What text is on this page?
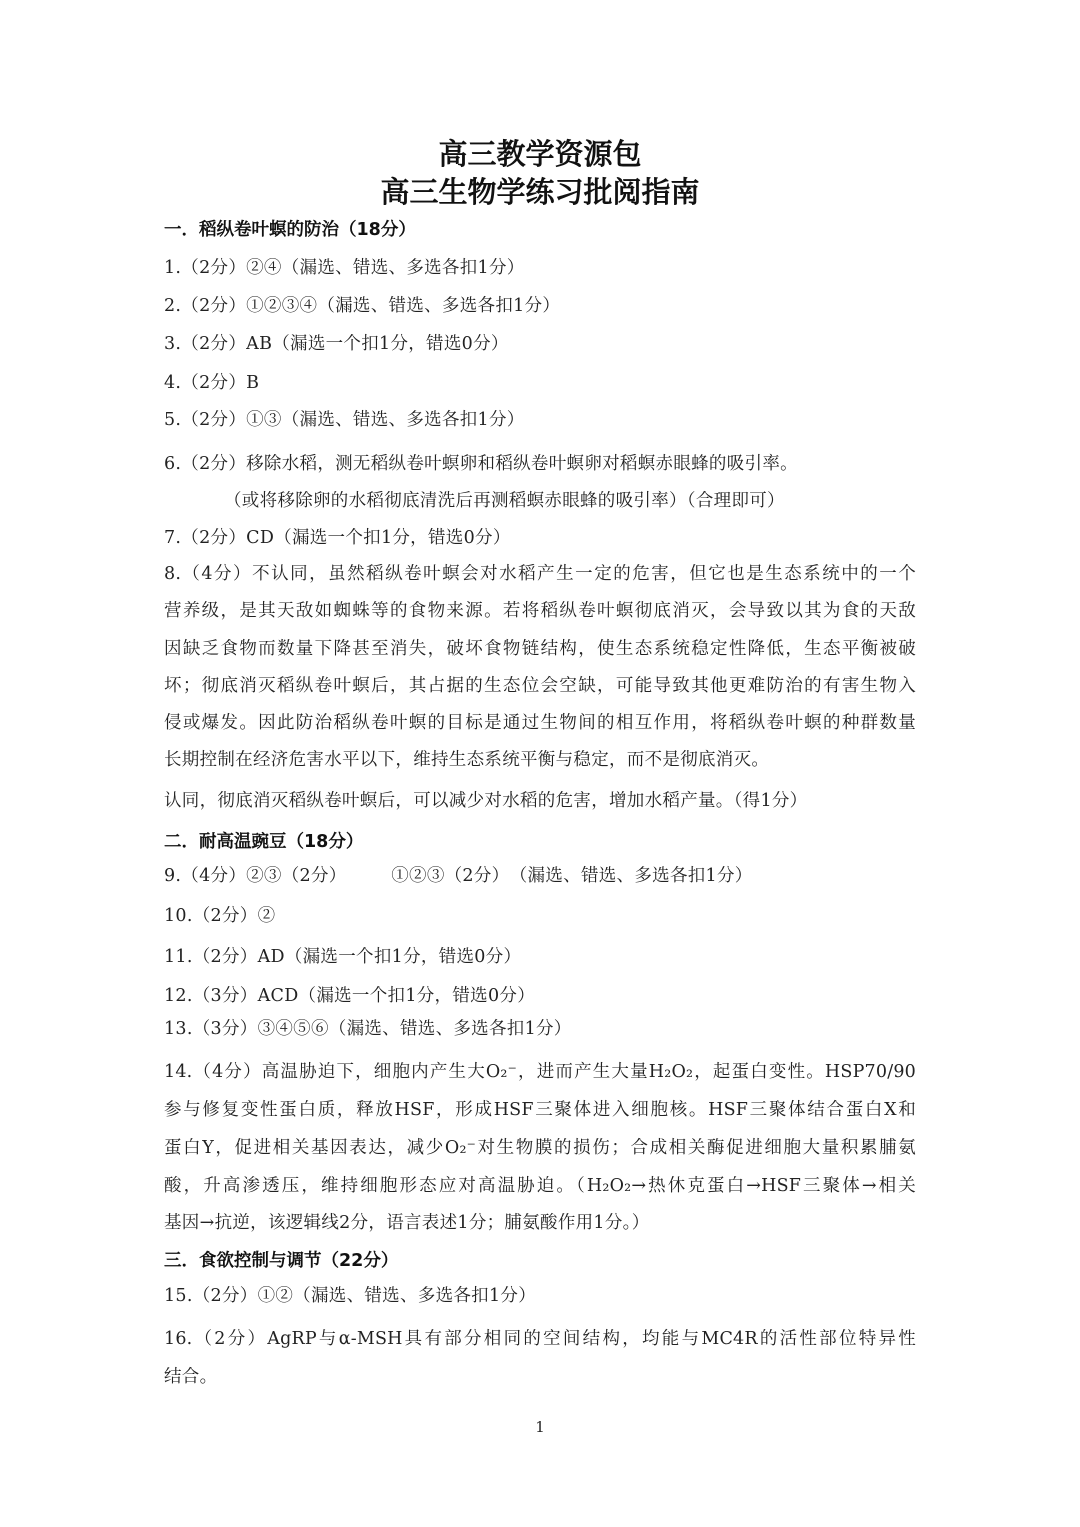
高三教学资源包
高三生物学练习批阅指南
一．稻纵卷叶螟的防治（18分）
1.（2分）②④（漏选、错选、多选各扣1分）
2.（2分）①②③④（漏选、错选、多选各扣1分）
3.（2分）AB（漏选一个扣1分，错选0分）
4.（2分）B
5.（2分）①③（漏选、错选、多选各扣1分）
6.（2分）移除水稻，测无稻纵卷叶螟卵和稻纵卷叶螟卵对稻螟赤眼蜂的吸引率。
（或将移除卵的水稻彻底清洗后再测稻螟赤眼蜂的吸引率）（合理即可）
7.（2分）CD（漏选一个扣1分，错选0分）
8.（4分）不认同，虽然稻纵卷叶螟会对水稻产生一定的危害，但它也是生态系统中的一个
营养级，是其天敌如蜘蛛等的食物来源。若将稻纵卷叶螟彻底消灭，会导致以其为食的天敌
因缺乏食物而数量下降甚至消失，破坏食物链结构，使生态系统稳定性降低，生态平衡被破
坏；彻底消灭稻纵卷叶螟后，其占据的生态位会空缺，可能导致其他更难防治的有害生物入
侵或爆发。因此防治稻纵卷叶螟的目标是通过生物间的相互作用，将稻纵卷叶螟的种群数量
长期控制在经济危害水平以下，维持生态系统平衡与稳定，而不是彻底消灭。
认同，彻底消灭稻纵卷叶螟后，可以减少对水稻的危害，增加水稻产量。（得1分）
二．耐高温豌豆（18分）
9.（4分）②③（2分）　　　①②③（2分）　（漏选、错选、多选各扣1分）
10.（2分）②
11.（2分）AD（漏选一个扣1分，错选0分）
12.（3分）ACD（漏选一个扣1分，错选0分）
13.（3分）③④⑤⑥（漏选、错选、多选各扣1分）
14.（4分）高温胁迫下，细胞内产生大O₂⁻，进而产生大量H₂O₂，起蛋白变性。HSP70/90
参与修复变性蛋白质，释放HSF，形成HSF三聚体进入细胞核。HSF三聚体结合蛋白X和
蛋白Y，促进相关基因表达，减少O₂⁻对生物膜的损伤；合成相关酶促进细胞大量积累脯氨
酸，升高渗透压，维持细胞形态应对高温胁迫。（H₂O₂→热休克蛋白→HSF三聚体→相关
基因→抗逆，该逻辑线2分，语言表述1分；脯氨酸作用1分。）
三．食欲控制与调节（22分）
15.（2分）①②（漏选、错选、多选各扣1分）
16.（2分）AgRP与α-MSH具有部分相同的空间结构，均能与MC4R的活性部位特异性
结合。
1
